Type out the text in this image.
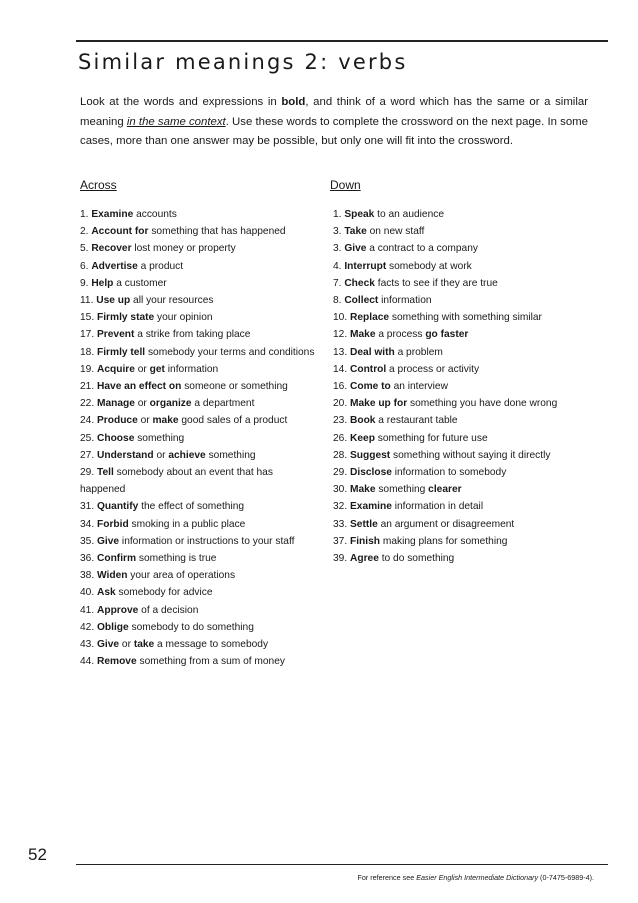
Similar meanings 2: verbs

Look at the words and expressions in bold, and think of a word which has the same or a similar meaning in the same context. Use these words to complete the crossword on the next page. In some cases, more than one answer may be possible, but only one will fit into the crossword.

Across	Down
1. Examine accounts
2. Account for something that has happened
5. Recover lost money or property
6. Advertise a product
9. Help a customer
11. Use up all your resources
15. Firmly state your opinion
17. Prevent a strike from taking place
18. Firmly tell somebody your terms and conditions
19. Acquire or get information
21. Have an effect on someone or something
22. Manage or organize a department
24. Produce or make good sales of a product
25. Choose something
27. Understand or achieve something
29. Tell somebody about an event that has happened
31. Quantify the effect of something
34. Forbid smoking in a public place
35. Give information or instructions to your staff
36. Confirm something is true
38. Widen your area of operations
40. Ask somebody for advice
41. Approve of a decision
42. Oblige somebody to do something
43. Give or take a message to somebody
44. Remove something from a sum of money
1. Speak to an audience
3. Take on new staff
3. Give a contract to a company
4. Interrupt somebody at work
7. Check facts to see if they are true
8. Collect information
10. Replace something with something similar
12. Make a process go faster
13. Deal with a problem
14. Control a process or activity
16. Come to an interview
20. Make up for something you have done wrong
23. Book a restaurant table
26. Keep something for future use
28. Suggest something without saying it directly
29. Disclose information to somebody
30. Make something clearer
32. Examine information in detail
33. Settle an argument or disagreement
37. Finish making plans for something
39. Agree to do something
52
For reference see Easier English Intermediate Dictionary (0-7475-6989-4).
